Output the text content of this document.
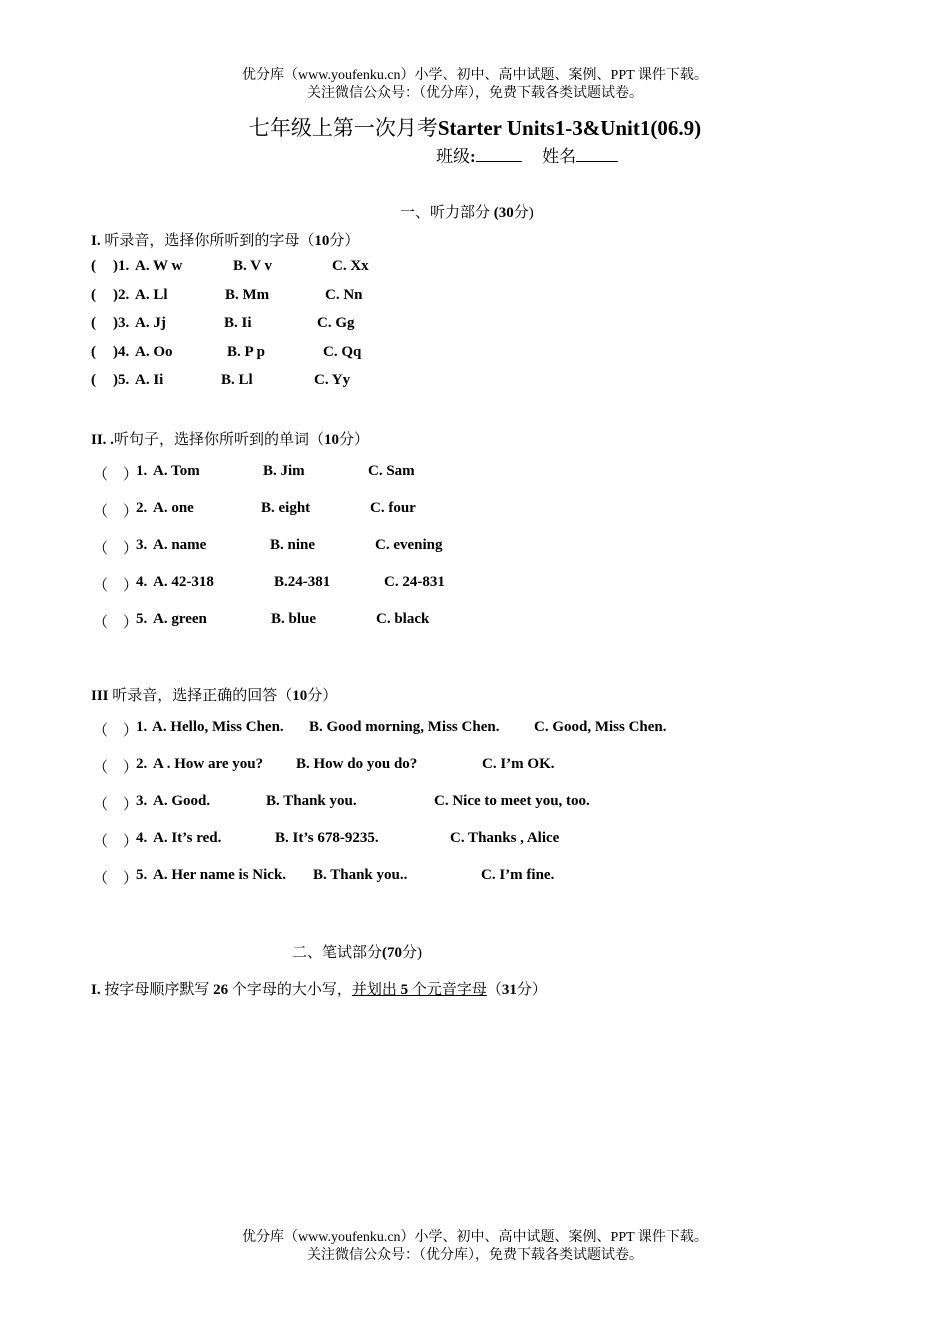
优分库（www.youfenku.cn）小学、初中、高中试题、案例、PPT 课件下载。
关注微信公众号：（优分库），免费下载各类试题试卷。
七年级上第一次月考Starter Units1-3&Unit1(06.9)
班级:	姓名
一、听力部分 (30分)
I. 听录音，选择你所听到的字母（10分）
( )1. A. W w	B. V v	C. Xx
( )2. A. Ll	B. Mm	C. Nn
( )3. A. Jj	B. Ii	C. Gg
( )4. A. Oo	B. P p	C. Qq
( )5. A. Ii	B. Ll	C. Yy
II. .听句子，选择你所听到的单词（10分）
（　）
1. A. Tom	B. Jim	C. Sam
（　）
2. A. one	B. eight	C. four
（　）
3. A. name	B. nine	C. evening
（　）
4. A. 42-318	B.24-381	C. 24-831
（　）
5. A. green	B. blue	C. black
III 听录音，选择正确的回答（10分）
（　）
1. A. Hello, Miss Chen. B. Good morning, Miss Chen. C. Good, Miss Chen.
（　）
2. A . How are you? B. How do you do?	C. I’m OK.
（　）
3. A. Good.	B. Thank you.	C. Nice to meet you, too.
（　）
4. A. It’s red.	B. It’s 678-9235.	C. Thanks , Alice
（　）
5. A. Her name is Nick. B. Thank you..	C. I’m fine.
二、笔试部分(70分)
I. 按字母顺序默写 26 个字母的大小写，并划出 5 个元音字母（31分）
优分库（www.youfenku.cn）小学、初中、高中试题、案例、PPT 课件下载。
关注微信公众号：（优分库），免费下载各类试题试卷。
